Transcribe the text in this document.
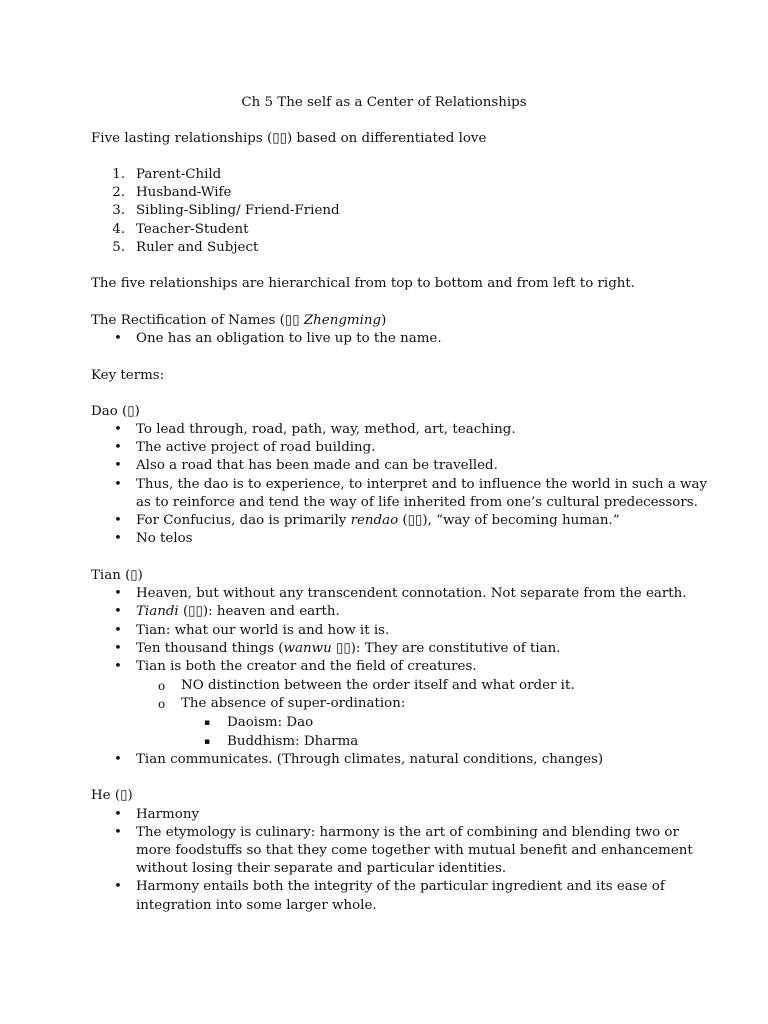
Ch 5 The self as a Center of Relationships
Five lasting relationships (▯▯) based on differentiated love
1. Parent-Child
2. Husband-Wife
3. Sibling-Sibling/ Friend-Friend
4. Teacher-Student
5. Ruler and Subject
The five relationships are hierarchical from top to bottom and from left to right.
The Rectification of Names (▯▯ Zhengming)
• One has an obligation to live up to the name.
Key terms:
Dao (▯)
• To lead through, road, path, way, method, art, teaching.
• The active project of road building.
• Also a road that has been made and can be travelled.
• Thus, the dao is to experience, to interpret and to influence the world in such a way
as to reinforce and tend the way of life inherited from one’s cultural predecessors.
• For Confucius, dao is primarily rendao (▯▯), “way of becoming human.”
• No telos
Tian (▯)
• Heaven, but without any transcendent connotation. Not separate from the earth.
• Tiandi (▯▯): heaven and earth.
• Tian: what our world is and how it is.
• Ten thousand things (wanwu ▯▯): They are constitutive of tian.
• Tian is both the creator and the field of creatures.
o NO distinction between the order itself and what order it.
o The absence of super-ordination:
▪ Daoism: Dao
▪ Buddhism: Dharma
• Tian communicates. (Through climates, natural conditions, changes)
He (▯)
• Harmony
• The etymology is culinary: harmony is the art of combining and blending two or
more foodstuffs so that they come together with mutual benefit and enhancement
without losing their separate and particular identities.
• Harmony entails both the integrity of the particular ingredient and its ease of
integration into some larger whole.
